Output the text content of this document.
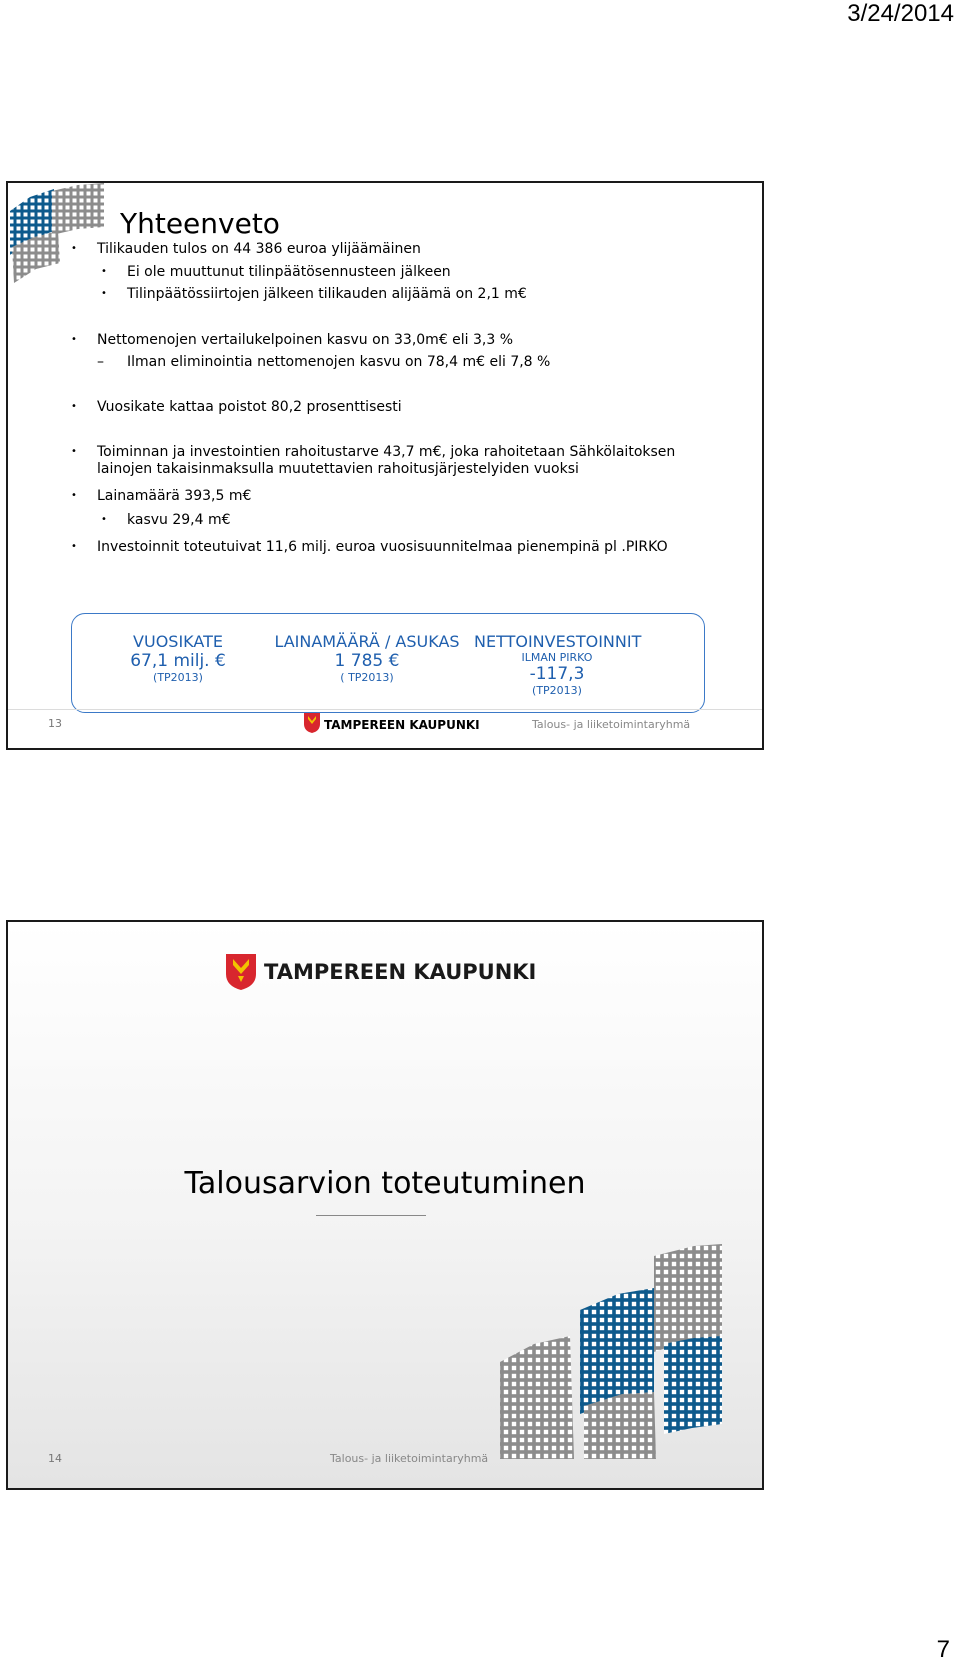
3/24/2014
Yhteenveto
• Tilikauden tulos on 44 386 euroa ylijäämäinen
• Ei ole muuttunut tilinpäätösennusteen jälkeen
• Tilinpäätössiirtojen jälkeen tilikauden alijäämä on 2,1 m€
• Nettomenojen vertailukelpoinen kasvu on 33,0m€ eli 3,3 %
– Ilman eliminointia nettomenojen kasvu on 78,4 m€ eli 7,8 %
• Vuosikate kattaa poistot 80,2 prosenttisesti
• Toiminnan ja investointien rahoitustarve 43,7 m€, joka rahoitetaan Sähkölaitoksen
lainojen takaisinmaksulla muutettavien rahoitusjärjestelyiden vuoksi
• Lainamäärä 393,5 m€
• kasvu 29,4 m€
• Investoinnit toteutuivat 11,6 milj. euroa vuosisuunnitelmaa pienempinä pl .PIRKO
VUOSIKATE
67,1 milj. €
(TP2013)
LAINAMÄÄRÄ / ASUKAS
1 785 €
( TP2013)
NETTOINVESTOINNIT
ILMAN PIRKO
-117,3
(TP2013)
13	TAMPEREEN KAUPUNKI	Talous- ja liiketoimintaryhmä
TAMPEREEN KAUPUNKI
Talousarvion toteutuminen
14	Talous- ja liiketoimintaryhmä
7
